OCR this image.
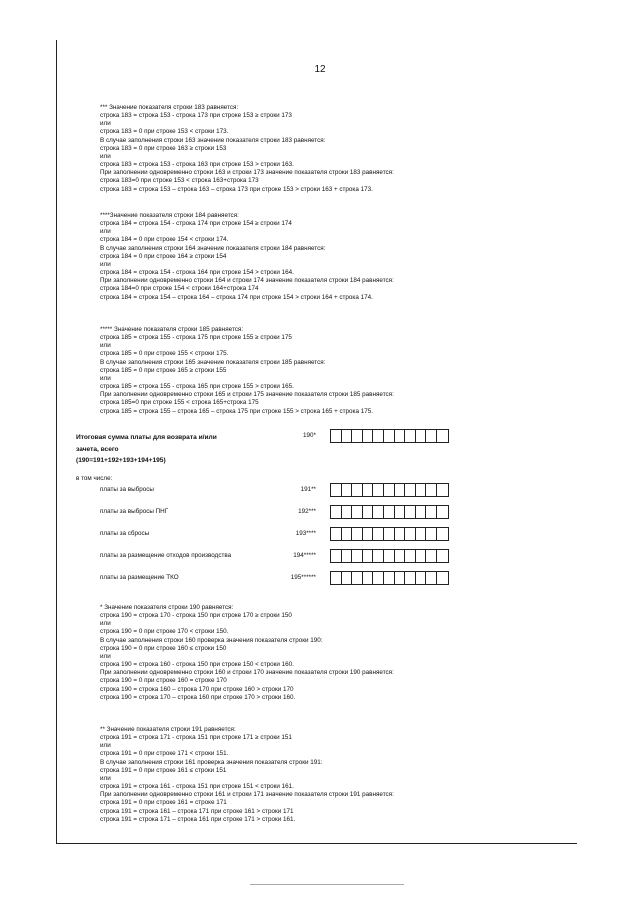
12
*** Значение показателя строки 183 равняется:
строка 183 = строка 153 - строка 173 при строке 153 ≥ строки 173
или
строка 183 = 0 при строке 153 < строки 173.
В случае заполнения строки 163 значение показателя строки 183 равняется:
строка 183 = 0 при строке 163 ≥ строки 153
или
строка 183 = строка 153 - строка 163 при строке 153 > строки 163.
При заполнении одновременно строки 163 и строки 173 значение показателя строки 183 равняется:
строка 183=0 при строке 153 < строка 163+строка 173
строка 183 = строка 153 – строка 163 – строка 173 при строке 153 > строки 163 + строка 173.
****Значение показателя строки 184 равняется:
строка 184 = строка 154 - строка 174 при строке 154 ≥ строки 174
или
строка 184 = 0 при строке 154 < строки 174.
В случае заполнения строки 164 значение показателя строки 184 равняется:
строка 184 = 0 при строке 164 ≥ строки 154
или
строка 184 = строка 154 - строка 164 при строке 154 > строки 164.
При заполнении одновременно строки 164 и строки 174 значение показателя строки 184 равняется:
строка 184=0 при строке 154 < строки 164+строка 174
строка 184 = строка 154 – строка 164 – строка 174 при строке 154 > строки 164 + строка 174.
***** Значение показателя строки 185 равняется:
строка 185 = строка 155 - строка 175 при строке 155 ≥ строки 175
или
строка 185 = 0 при строке 155 < строки 175.
В случае заполнения строки 165 значение показателя строки 185 равняется:
строка 185 = 0 при строке 165 ≥ строки 155
или
строка 185 = строка 155 - строка 165 при строке 155 > строки 165.
При заполнении одновременно строки 165 и строки 175 значение показателя строки 185 равняется:
строка 185=0 при строке 155 < строка 165+строка 175
строка 185 = строка 155 – строка 165 – строка 175 при строке 155 > строка 165 + строка 175.
Итоговая сумма платы для возврата и/или
зачета, всего
(190=191+192+193+194+195)
190*
в том числе:
платы за выбросы	191**
платы за выбросы ПНГ	192***
платы за сбросы	193****
платы за размещение отходов производства	194*****
платы за размещение ТКО	195******
* Значение показателя строки 190 равняется:
строка 190 = строка 170 - строка 150 при строке 170 ≥ строки 150
или
строка 190 = 0 при строке 170 < строки 150.
В случае заполнения строки 160 проверка значения показателя строки 190:
строка 190 = 0 при строке 160 ≤ строки 150
или
строка 190 = строка 160 - строка 150 при строке 150 < строки 160.
При заполнении одновременно строки 160 и строки 170 значение показателя строки 190 равняется:
строка 190 = 0 при строке 160 = строке 170
строка 190 = строка 160 – строка 170 при строке 160 > строки 170
строка 190 = строка 170 – строка 160 при строке 170 > строки 160.
** Значение показателя строки 191 равняется:
строка 191 = строка 171 - строка 151 при строке 171 ≥ строки 151
или
строка 191 = 0 при строке 171 < строки 151.
В случае заполнения строки 161 проверка значения показателя строки 191:
строка 191 = 0 при строке 161 ≤ строки 151
или
строка 191 = строка 161 - строка 151 при строке 151 < строки 161.
При заполнении одновременно строки 161 и строки 171 значение показателя строки 191 равняется:
строка 191 = 0 при строке 161 = строке 171
строка 191 = строка 161 – строка 171 при строке 161 > строки 171
строка 191 = строка 171 – строка 161 при строке 171 > строки 161.
